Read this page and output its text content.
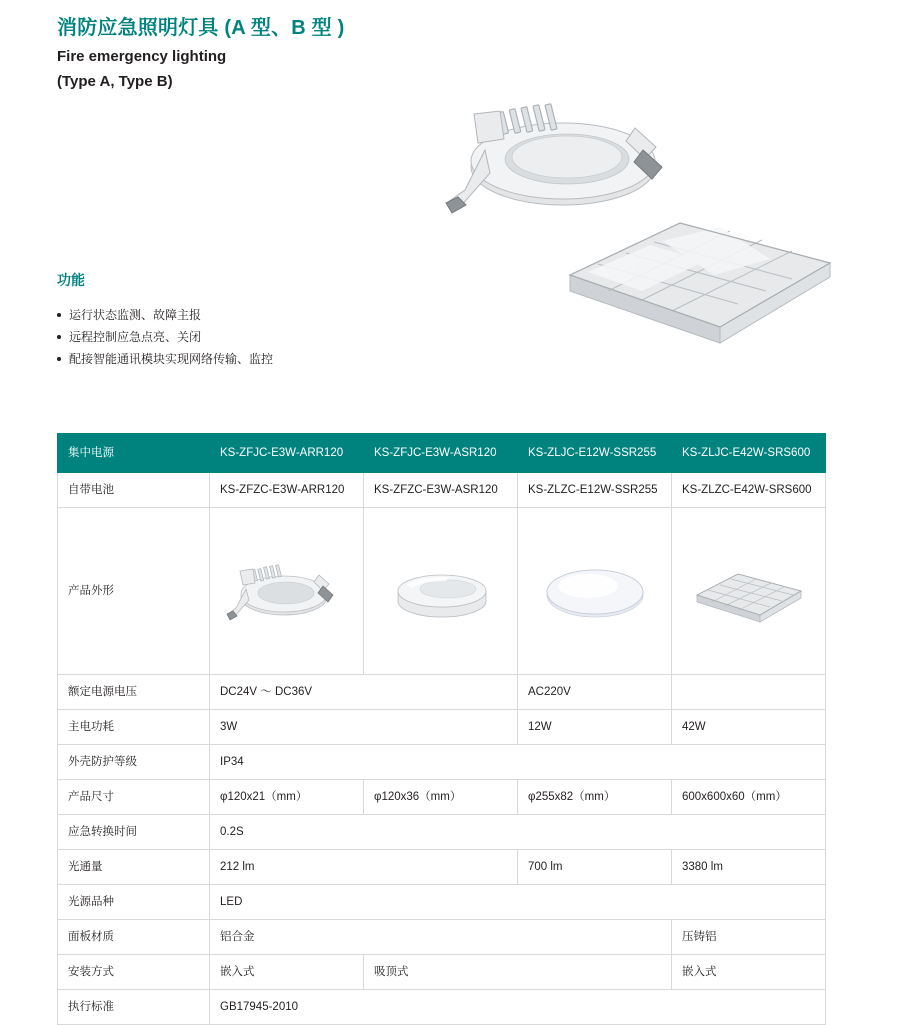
消防应急照明灯具 (A 型、B 型 )
Fire emergency lighting
(Type A, Type B)
功能
运行状态监测、故障主报
远程控制应急点亮、关闭
配接智能通讯模块实现网络传输、监控
集中电源	KS-ZFJC-E3W-ARR120	KS-ZFJC-E3W-ASR120	KS-ZLJC-E12W-SSR255	KS-ZLJC-E42W-SRS600
自带电池	KS-ZFZC-E3W-ARR120	KS-ZFZC-E3W-ASR120	KS-ZLZC-E12W-SSR255	KS-ZLZC-E42W-SRS600
产品外形	

额定电源电压	DC24V ～ DC36V		AC220V	
主电功耗	3W		12W	42W
外壳防护等级	IP34			
产品尺寸	φ120x21（mm）	φ120x36（mm）	φ255x82（mm）	600x600x60（mm）
应急转换时间	0.2S			
光通量	212 lm		700 lm	3380 lm
光源品种	LED			
面板材质	铝合金			压铸铝
安装方式	嵌入式	吸顶式		嵌入式
执行标准	GB17945-2010			
